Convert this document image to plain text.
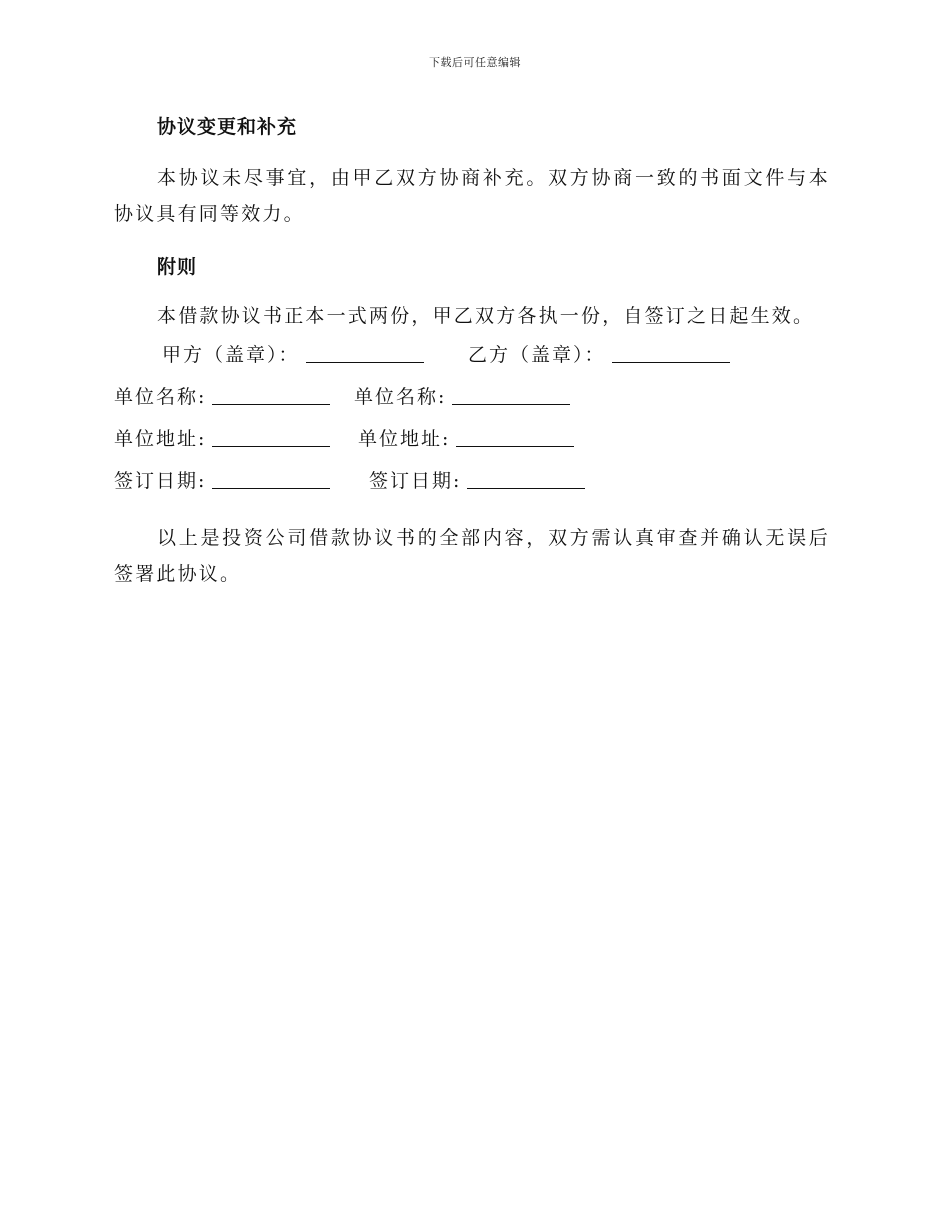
下载后可任意编辑

协议变更和补充

本协议未尽事宜，由甲乙双方协商补充。双方协商一致的书面文件与本协议具有同等效力。

附则

本借款协议书正本一式两份，甲乙双方各执一份，自签订之日起生效。

甲方（盖章）：	乙方（盖章）：
单位名称:	单位名称:
单位地址:	单位地址:
签订日期:	签订日期:

以上是投资公司借款协议书的全部内容，双方需认真审查并确认无误后签署此协议。
